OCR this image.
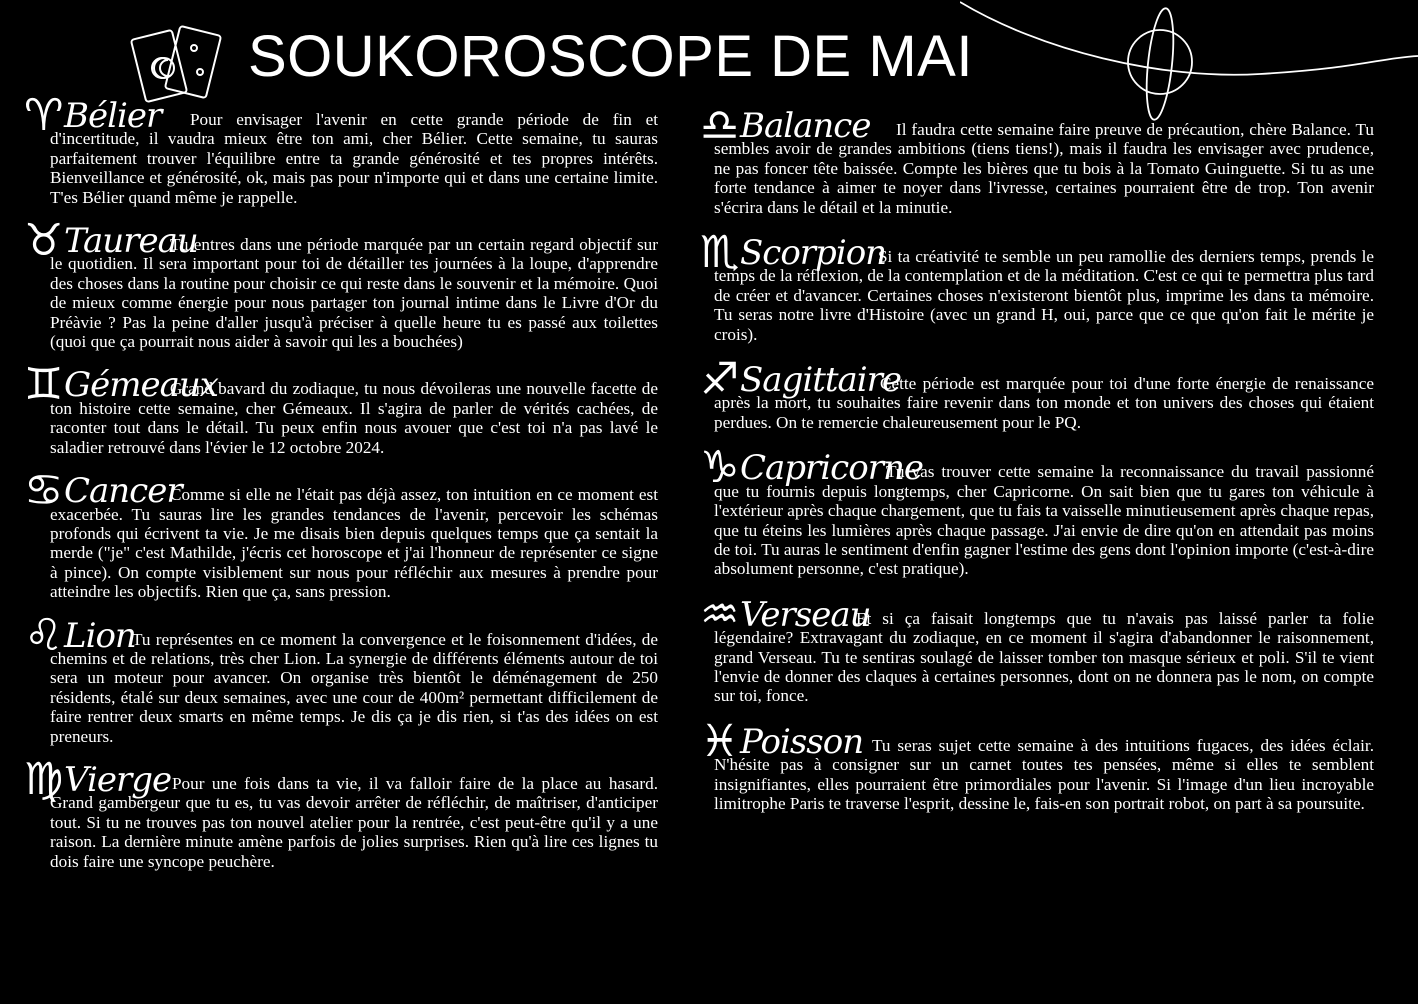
SOUKOROSCOPE DE MAI
♈ Bélier	Pour envisager l'avenir en cette grande période de fin et d'incertitude, il vaudra mieux être ton ami, cher Bélier. Cette semaine, tu sauras parfaitement trouver l'équilibre entre ta grande générosité et tes propres intérêts. Bienveillance et générosité, ok, mais pas pour n'importe qui et dans une certaine limite. T'es Bélier quand même je rappelle.

♉ Taureau

Tu entres dans une période marquée par un certain regard objectif sur le quotidien. Il sera important pour toi de détailler tes journées à la loupe, d'apprendre des choses dans la routine pour choisir ce qui reste dans le souvenir et la mémoire. Quoi de mieux comme énergie pour nous partager ton journal intime dans le Livre d'Or du Préàvie ? Pas la peine d'aller jusqu'à préciser à quelle heure tu es passé aux toilettes (quoi que ça pourrait nous aider à savoir qui les a bouchées)

♊ Gémeaux

Grand bavard du zodiaque, tu nous dévoileras une nouvelle facette de ton histoire cette semaine, cher Gémeaux. Il s'agira de parler de vérités cachées, de raconter tout dans le détail. Tu peux enfin nous avouer que c'est toi n'a pas lavé le saladier retrouvé dans l'évier le 12 octobre 2024.

♋ Cancer

Comme si elle ne l'était pas déjà assez, ton intuition en ce moment est exacerbée. Tu sauras lire les grandes tendances de l'avenir, percevoir les schémas profonds qui écrivent ta vie. Je me disais bien depuis quelques temps que ça sentait la merde ("je" c'est Mathilde, j'écris cet horoscope et j'ai l'honneur de représenter ce signe à pince). On compte visiblement sur nous pour réfléchir aux mesures à prendre pour atteindre les objectifs. Rien que ça, sans pression.

♌ Lion

Tu représentes en ce moment la convergence et le foisonnement d'idées, de chemins et de relations, très cher Lion. La synergie de différents éléments autour de toi sera un moteur pour avancer. On organise très bientôt le déménagement de 250 résidents, étalé sur deux semaines, avec une cour de 400m² permettant difficilement de faire rentrer deux smarts en même temps. Je dis ça je dis rien, si t'as des idées on est preneurs.

♍ Vierge Pour une fois dans ta vie, il va falloir faire de la place au hasard. Grand gambergeur que tu es, tu vas devoir arrêter de réfléchir, de maîtriser, d'anticiper tout. Si tu ne trouves pas ton nouvel atelier pour la rentrée, c'est peut-être qu'il y a une raison. La dernière minute amène parfois de jolies surprises. Rien qu'à lire ces lignes tu dois faire une syncope peuchère.

♎ Balance	Il faudra cette semaine faire preuve de précaution, chère Balance. Tu sembles avoir de grandes ambitions (tiens tiens!), mais il faudra les envisager avec prudence, ne pas foncer tête baissée. Compte les bières que tu bois à la Tomato Guinguette. Si tu as une forte tendance à aimer te noyer dans l'ivresse, certaines pourraient être de trop. Ton avenir s'écrira dans le détail et la minutie.

♏ Scorpion

Si ta créativité te semble un peu ramollie des derniers temps, prends le temps de la réflexion, de la contemplation et de la méditation. C'est ce qui te permettra plus tard de créer et d'avancer. Certaines choses n'existeront bientôt plus, imprime les dans ta mémoire. Tu seras notre livre d'Histoire (avec un grand H, oui, parce que ce que qu'on fait le mérite je crois).

♐ Sagittaire

Cette période est marquée pour toi d'une forte énergie de renaissance après la mort, tu souhaites faire revenir dans ton monde et ton univers des choses qui étaient perdues. On te remercie chaleureusement pour le PQ.

♑ Capricorne

Tu vas trouver cette semaine la reconnaissance du travail passionné que tu fournis depuis longtemps, cher Capricorne. On sait bien que tu gares ton véhicule à l'extérieur après chaque chargement, que tu fais ta vaisselle minutieusement après chaque repas, que tu éteins les lumières après chaque passage. J'ai envie de dire qu'on en attendait pas moins de toi. Tu auras le sentiment d'enfin gagner l'estime des gens dont l'opinion importe (c'est-à-dire absolument personne, c'est pratique).

♒ Verseau

Et si ça faisait longtemps que tu n'avais pas laissé parler ta folie légendaire? Extravagant du zodiaque, en ce moment il s'agira d'abandonner le raisonnement, grand Verseau. Tu te sentiras soulagé de laisser tomber ton masque sérieux et poli. S'il te vient l'envie de donner des claques à certaines personnes, dont on ne donnera pas le nom, on compte sur toi, fonce.

♓ Poisson Tu seras sujet cette semaine à des intuitions fugaces, des idées éclair. N'hésite pas à consigner sur un carnet toutes tes pensées, même si elles te semblent insignifiantes, elles pourraient être primordiales pour l'avenir. Si l'image d'un lieu incroyable limitrophe Paris te traverse l'esprit, dessine le, fais-en son portrait robot, on part à sa poursuite.
